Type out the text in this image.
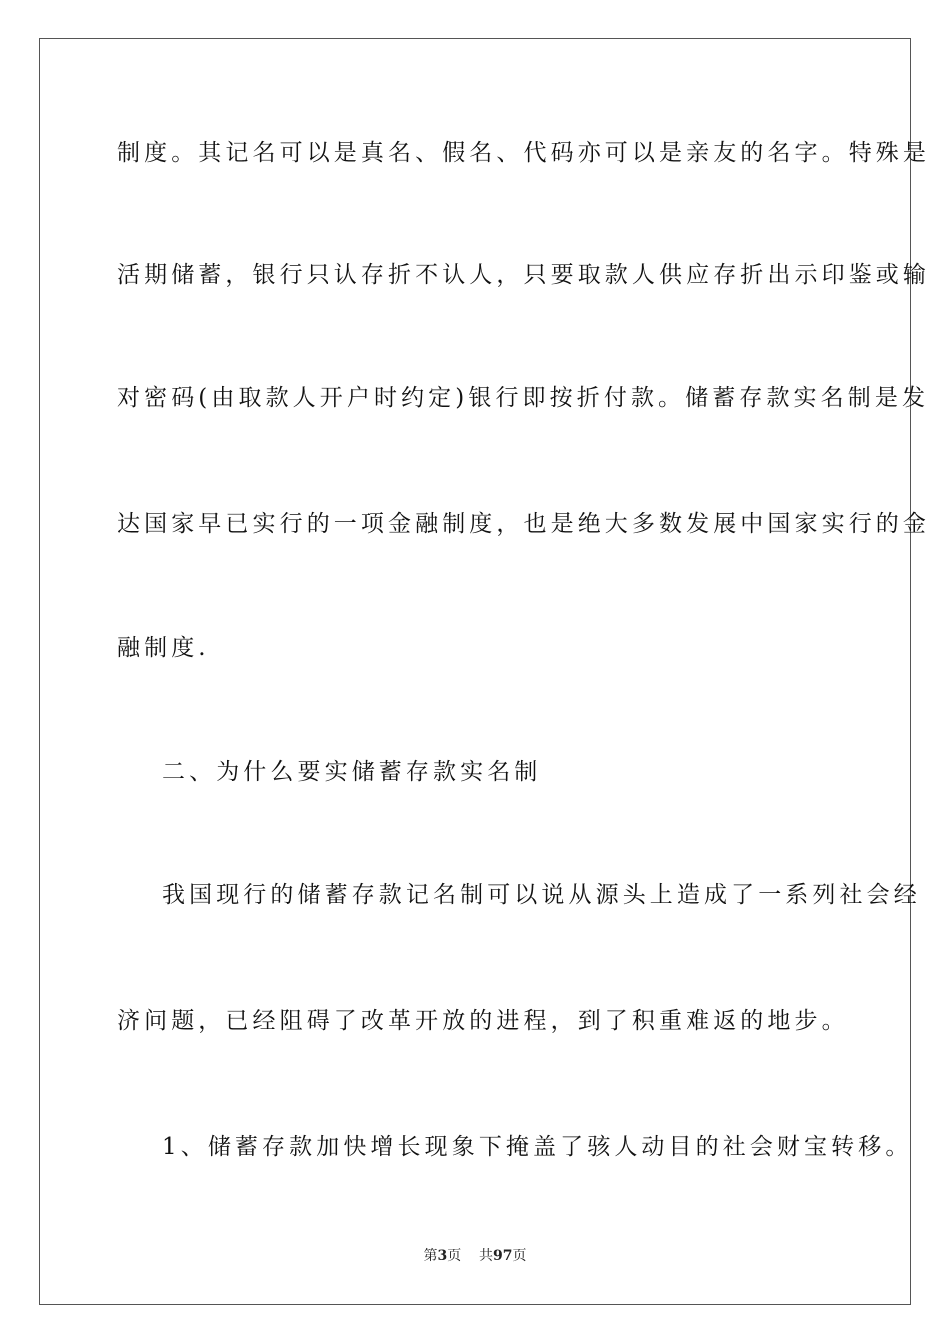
制度。其记名可以是真名、假名、代码亦可以是亲友的名字。特殊是
活期储蓄，银行只认存折不认人，只要取款人供应存折出示印鉴或输
对密码(由取款人开户时约定)银行即按折付款。储蓄存款实名制是发
达国家早已实行的一项金融制度，也是绝大多数发展中国家实行的金
融制度.
二、为什么要实储蓄存款实名制
我国现行的储蓄存款记名制可以说从源头上造成了一系列社会经
济问题，已经阻碍了改革开放的进程，到了积重难返的地步。
1、储蓄存款加快增长现象下掩盖了骇人动目的社会财宝转移。
第3页 共97页
